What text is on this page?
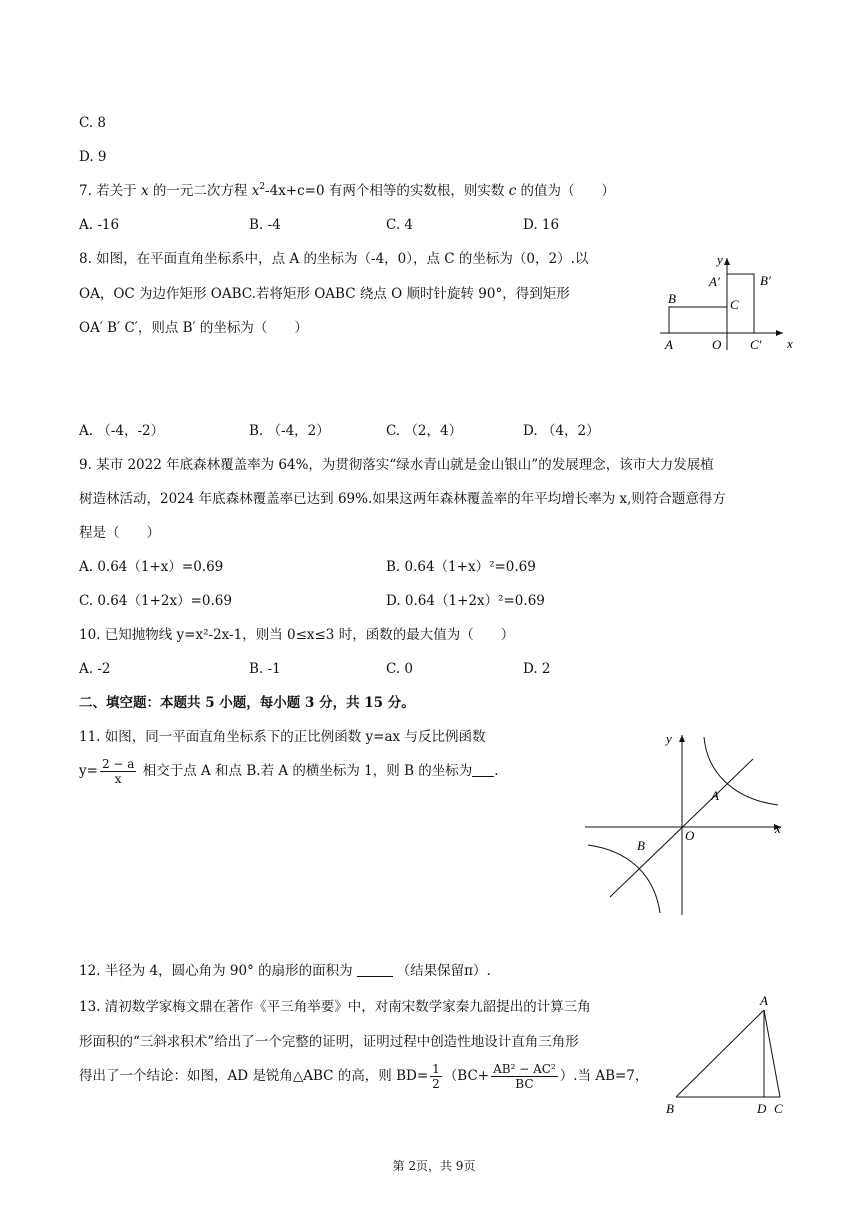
C. 8
D. 9
7. 若关于 x 的一元二次方程 $x^2-4x+c=0$ 有两个相等的实数根，则实数 c 的值为（　　）
A. -16	B. -4	C. 4	D. 16
8. 如图，在平面直角坐标系中，点 A 的坐标为（-4，0），点 C 的坐标为（0，2）.以
OA，OC 为边作矩形 OABC.若将矩形 OABC 绕点 O 顺时针旋转 90°，得到矩形
OA′ B′ C′，则点 B′ 的坐标为（　　）
y
x
A′	B′
B	C
A	O C′
A. （-4，-2）	B. （-4，2）	C. （2，4）	D. （4，2）
9. 某市 2022 年底森林覆盖率为 64%，为贯彻落实“绿水青山就是金山银山”的发展理念，该市大力发展植
树造林活动，2024 年底森林覆盖率已达到 69%.如果这两年森林覆盖率的年平均增长率为 x,则符合题意得方
程是（　　）
A. 0.64（1+x）=0.69	B. 0.64（1+x）²=0.69
C. 0.64（1+2x）=0.69	D. 0.64（1+2x）²=0.69
10. 已知抛物线 y=x²-2x-1，则当 0≤x≤3 时，函数的最大值为（　　）
A. -2	B. -1	C. 0	D. 2
二、填空题：本题共 5 小题，每小题 3 分，共 15 分。
11. 如图，同一平面直角坐标系下的正比例函数 y=ax 与反比例函数
$y= \frac{2 - a}{x}$ 相交于点 A 和点 B.若 A 的横坐标为 1，则 B 的坐标为 .
y
x
A
B
O
12. 半径为 4，圆心角为 90° 的扇形的面积为	（结果保留π）.
13. 清初数学家梅文鼎在著作《平三角举要》中，对南宋数学家秦九韶提出的计算三角
形面积的“三斜求积术”给出了一个完整的证明，证明过程中创造性地设计直角三角形
得出了一个结论：如图，AD 是锐角△ABC 的高，则 $BD= \frac{1}{2} (BC+ \frac{\text{AB² − AC²}}{BC}$ ）.当 AB=7，
A
B	D C
第 2页，共 9页
